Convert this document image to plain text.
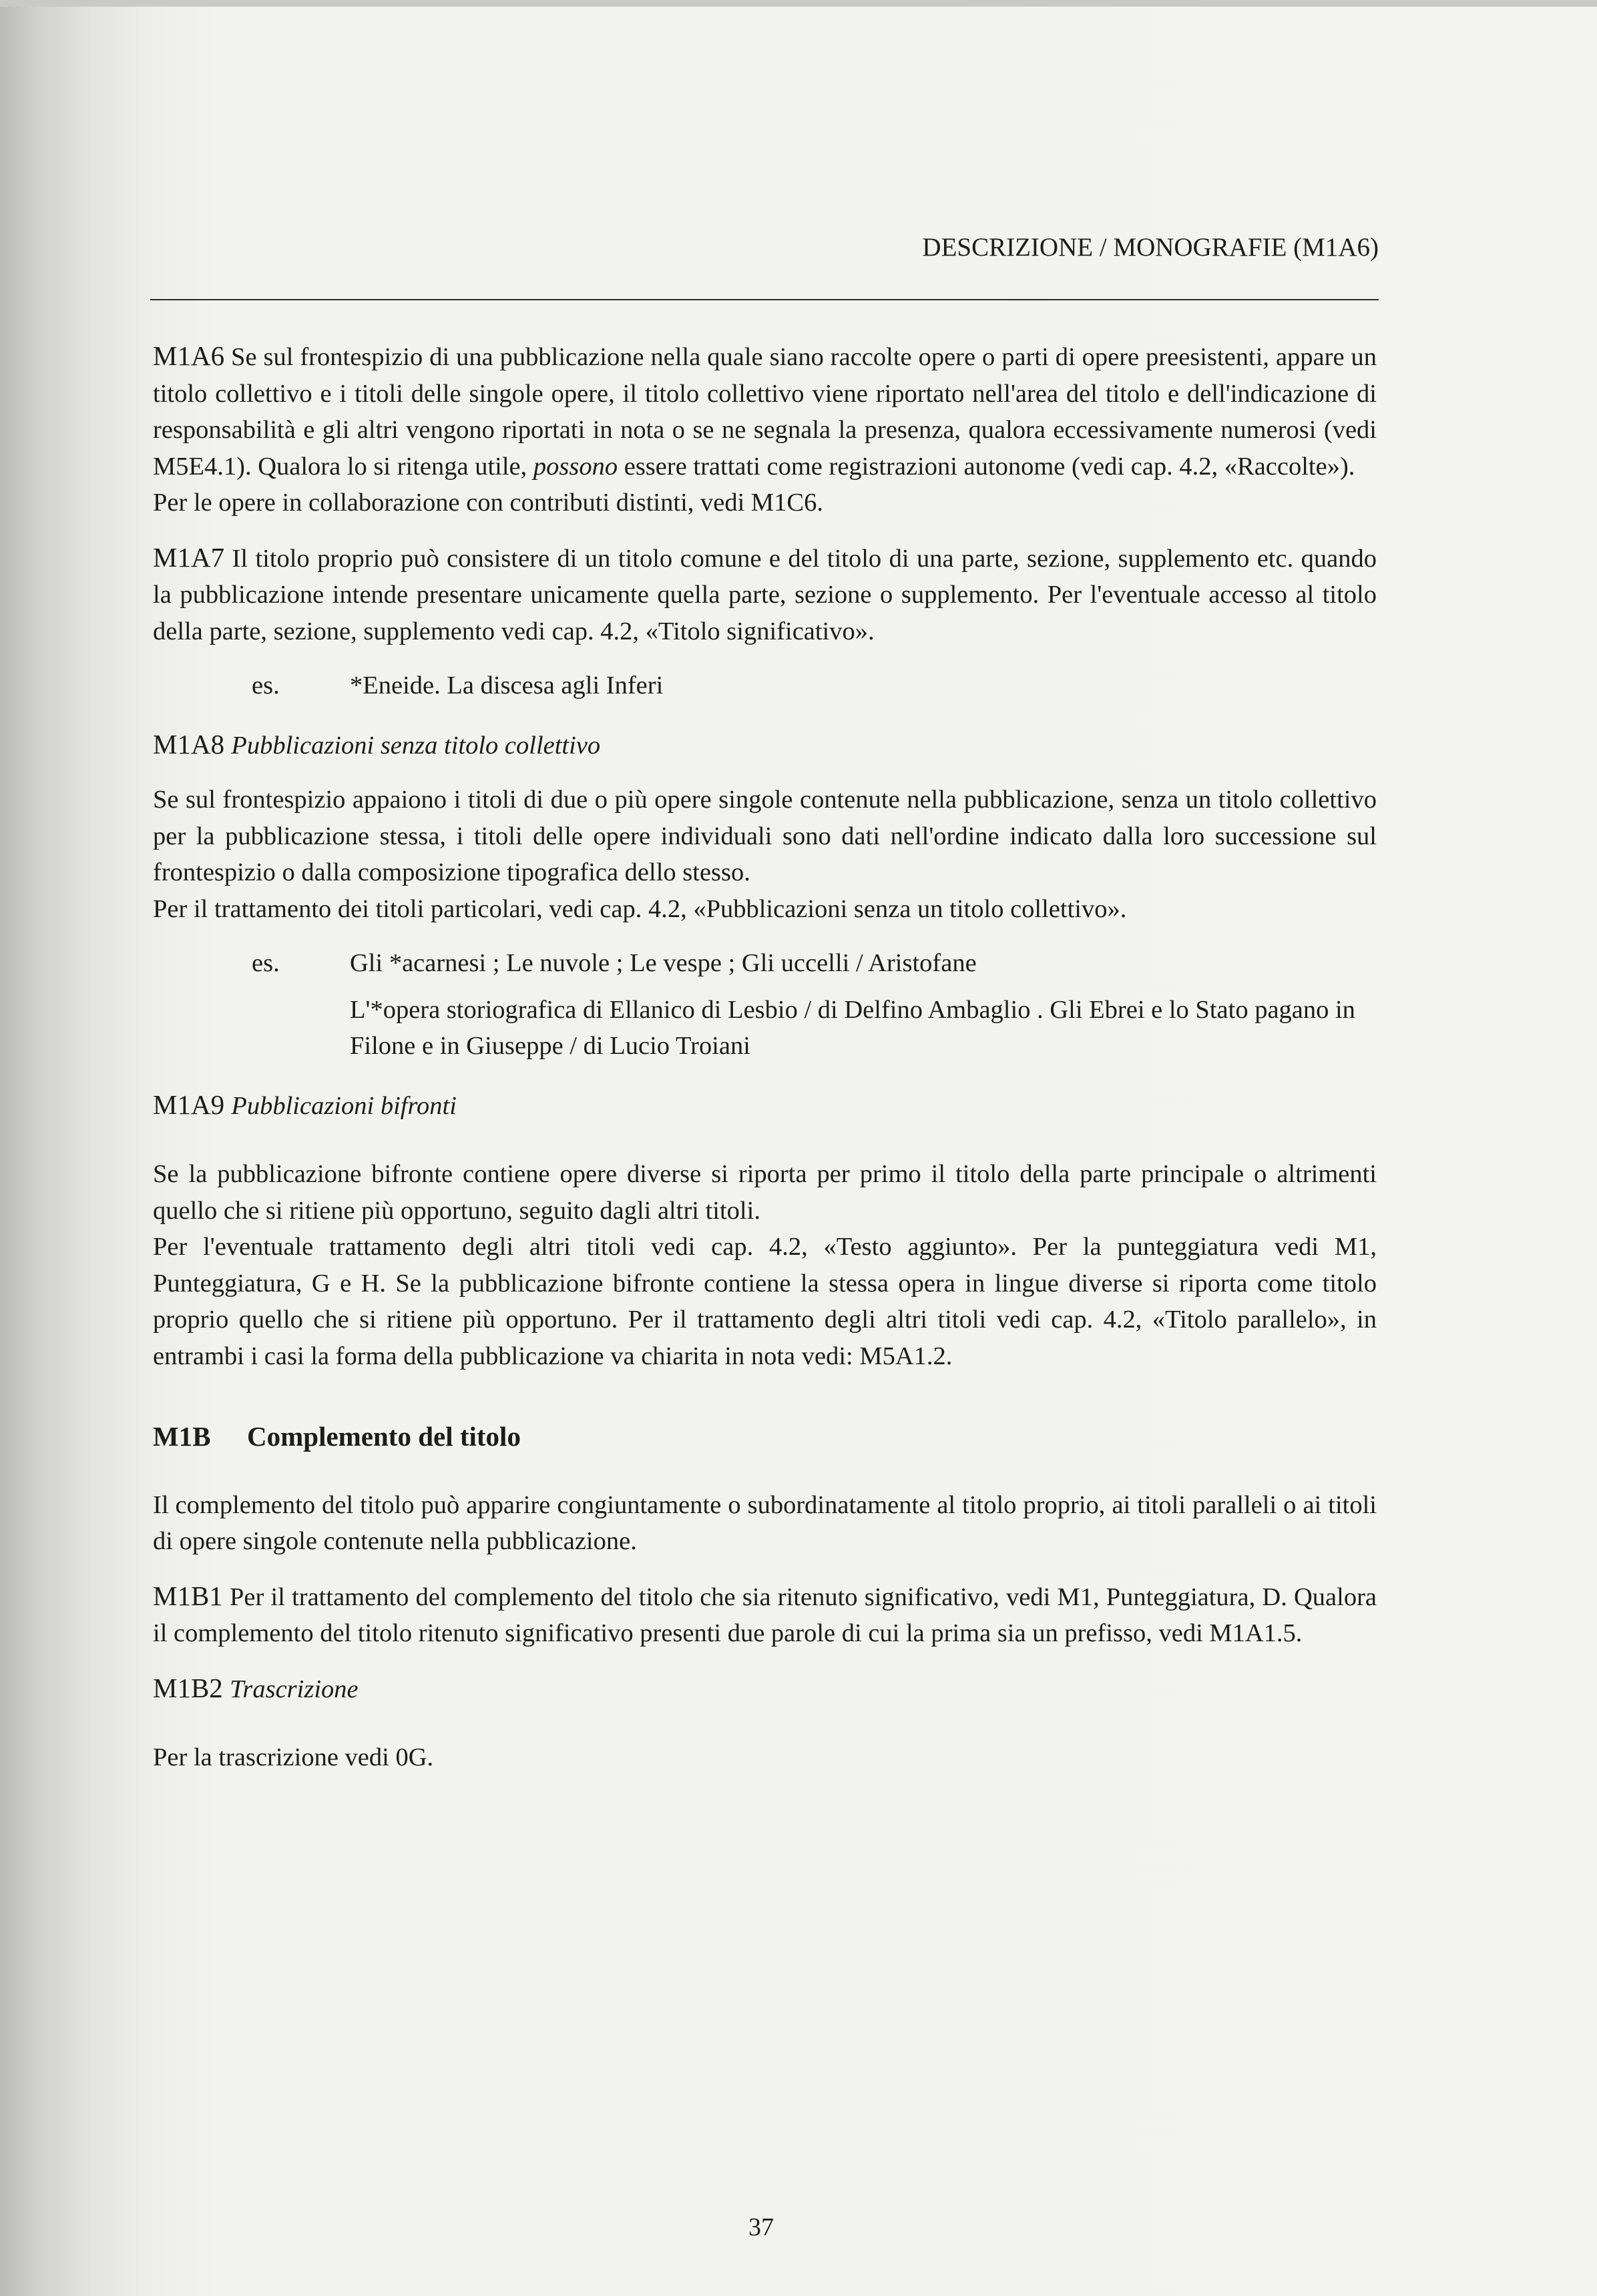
DESCRIZIONE / MONOGRAFIE (M1A6)

M1A6 Se sul frontespizio di una pubblicazione nella quale siano raccolte opere o parti di opere preesistenti, appare un titolo collettivo e i titoli delle singole opere, il titolo collettivo viene riportato nell'area del titolo e dell'indicazione di responsabilità e gli altri vengono riportati in nota o se ne segnala la presenza, qualora eccessivamente numerosi (vedi M5E4.1). Qualora lo si ritenga utile, possono essere trattati come registrazioni autonome (vedi cap. 4.2, «Raccolte»).

Per le opere in collaborazione con contributi distinti, vedi M1C6.

M1A7 Il titolo proprio può consistere di un titolo comune e del titolo di una parte, sezione, supplemento etc. quando la pubblicazione intende presentare unicamente quella parte, sezione o supplemento. Per l'eventuale accesso al titolo della parte, sezione, supplemento vedi cap. 4.2, «Titolo significativo».

es.	*Eneide. La discesa agli Inferi

M1A8 Pubblicazioni senza titolo collettivo

Se sul frontespizio appaiono i titoli di due o più opere singole contenute nella pubblicazione, senza un titolo collettivo per la pubblicazione stessa, i titoli delle opere individuali sono dati nell'ordine indicato dalla loro successione sul frontespizio o dalla composizione tipografica dello stesso.

Per il trattamento dei titoli particolari, vedi cap. 4.2, «Pubblicazioni senza un titolo collettivo».

es.	Gli *acarnesi ; Le nuvole ; Le vespe ; Gli uccelli / Aristofane

L'*opera storiografica di Ellanico di Lesbio / di Delfino Ambaglio . Gli Ebrei e lo Stato pagano in Filone e in Giuseppe / di Lucio Troiani

M1A9 Pubblicazioni bifronti

Se la pubblicazione bifronte contiene opere diverse si riporta per primo il titolo della parte principale o altrimenti quello che si ritiene più opportuno, seguito dagli altri titoli.

Per l'eventuale trattamento degli altri titoli vedi cap. 4.2, «Testo aggiunto». Per la punteggiatura vedi M1, Punteggiatura, G e H. Se la pubblicazione bifronte contiene la stessa opera in lingue diverse si riporta come titolo proprio quello che si ritiene più opportuno. Per il trattamento degli altri titoli vedi cap. 4.2, «Titolo parallelo», in entrambi i casi la forma della pubblicazione va chiarita in nota vedi: M5A1.2.

M1B Complemento del titolo

Il complemento del titolo può apparire congiuntamente o subordinatamente al titolo proprio, ai titoli paralleli o ai titoli di opere singole contenute nella pubblicazione.

M1B1 Per il trattamento del complemento del titolo che sia ritenuto significativo, vedi M1, Punteggiatura, D. Qualora il complemento del titolo ritenuto significativo presenti due parole di cui la prima sia un prefisso, vedi M1A1.5.

M1B2 Trascrizione

Per la trascrizione vedi 0G.

37
